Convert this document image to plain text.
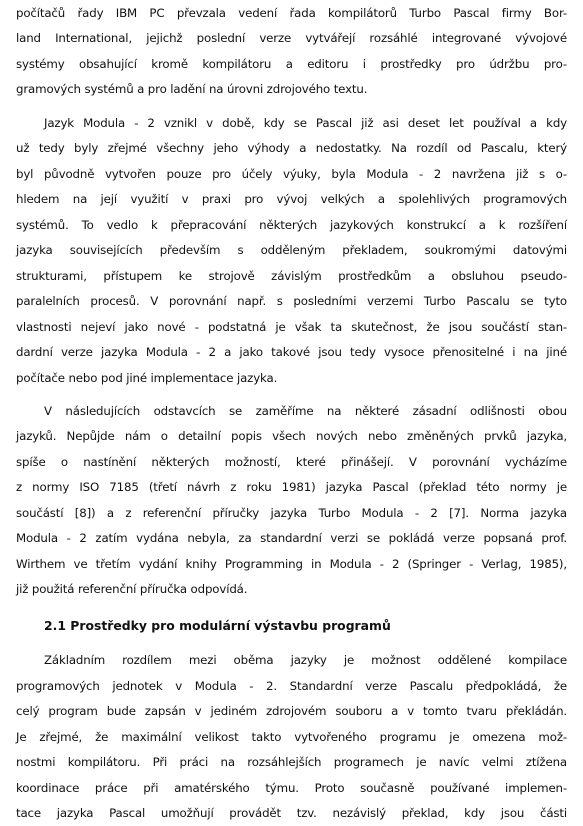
počítačů řady IBM PC převzala vedení řada kompilátorů Turbo Pascal firmy Bor-
land International, jejichž poslední verze vytvářejí rozsáhlé integrované vývojové
systémy obsahující kromě kompilátoru a editoru i prostředky pro údržbu pro-
gramových systémů a pro ladění na úrovni zdrojového textu.
Jazyk Modula - 2 vznikl v době, kdy se Pascal již asi deset let používal a kdy
už tedy byly zřejmé všechny jeho výhody a nedostatky. Na rozdíl od Pascalu, který
byl původně vytvořen pouze pro účely výuky, byla Modula - 2 navržena již s o-
hledem na její využití v praxi pro vývoj velkých a spolehlivých programových
systémů. To vedlo k přepracování některých jazykových konstrukcí a k rozšíření
jazyka souvisejících především s odděleným překladem, soukromými datovými
strukturami, přístupem ke strojově závislým prostředkům a obsluhou pseudo-
paralelních procesů. V porovnání např. s posledními verzemi Turbo Pascalu se tyto
vlastnosti nejeví jako nové - podstatná je však ta skutečnost, že jsou součástí stan-
dardní verze jazyka Modula - 2 a jako takové jsou tedy vysoce přenositelné i na jiné
počítače nebo pod jiné implementace jazyka.
V následujících odstavcích se zaměříme na některé zásadní odlišnosti obou
jazyků. Nepůjde nám o detailní popis všech nových nebo změněných prvků jazyka,
spíše o nastínění některých možností, které přinášejí. V porovnání vycházíme
z normy ISO 7185 (třetí návrh z roku 1981) jazyka Pascal (překlad této normy je
součástí [8]) a z referenční příručky jazyka Turbo Modula - 2 [7]. Norma jazyka
Modula - 2 zatím vydána nebyla, za standardní verzi se pokládá verze popsaná prof.
Wirthem ve třetím vydání knihy Programming in Modula - 2 (Springer - Verlag, 1985),
již použitá referenční příručka odpovídá.
2.1 Prostředky pro modulární výstavbu programů
Základním rozdílem mezi oběma jazyky je možnost oddělené kompilace
programových jednotek v Modula - 2. Standardní verze Pascalu předpokládá, že
celý program bude zapsán v jediném zdrojovém souboru a v tomto tvaru překládán.
Je zřejmé, že maximální velikost takto vytvořeného programu je omezena mož-
nostmi kompilátoru. Při práci na rozsáhlejších programech je navíc velmi ztížena
koordinace práce při amatérského týmu. Proto současně používané implemen-
tace jazyka Pascal umožňují provádět tzv. nezávislý překlad, kdy jsou části
